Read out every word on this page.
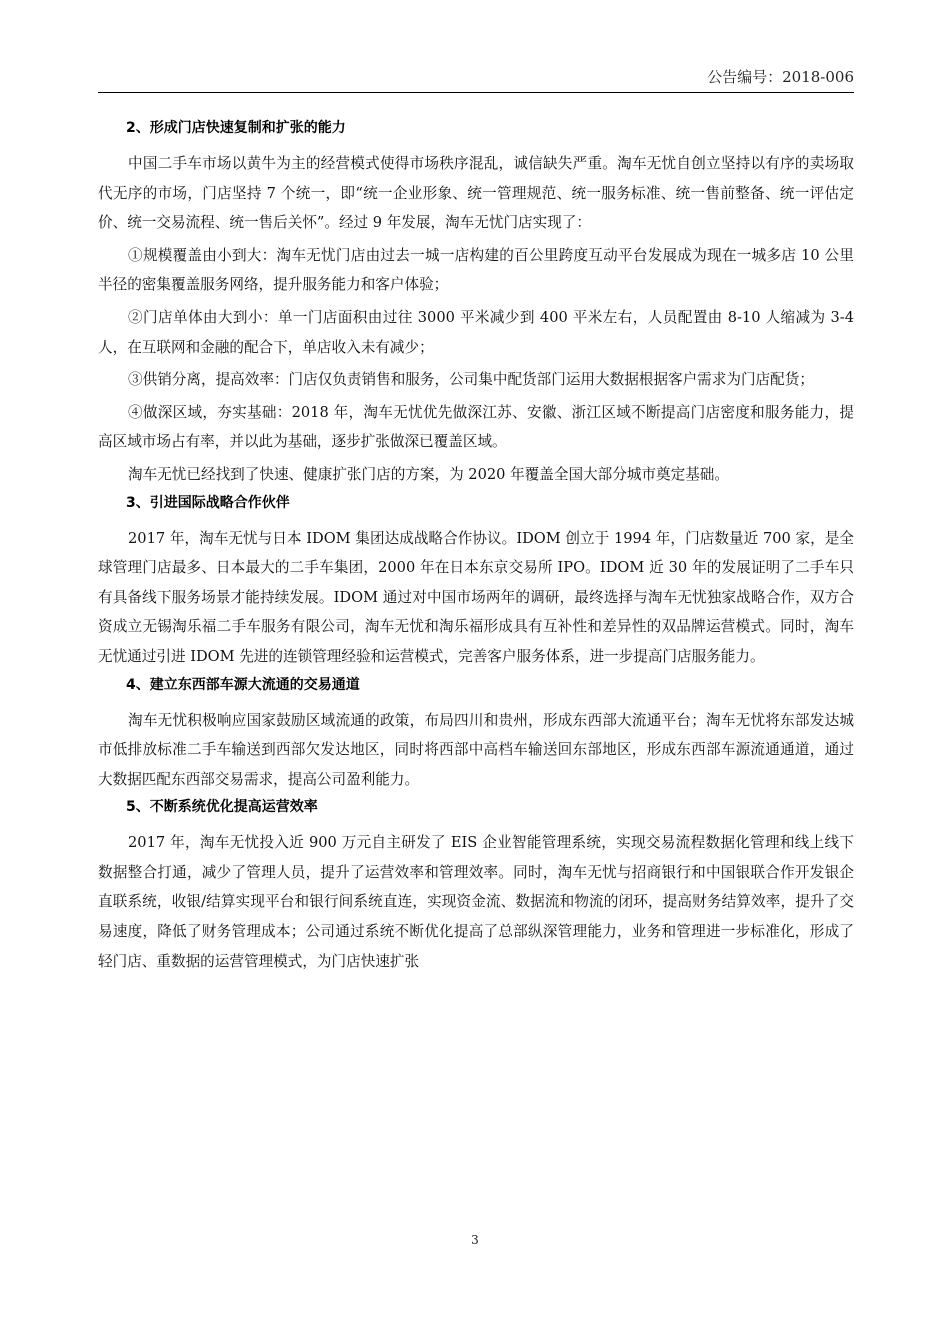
公告编号：2018-006
2、形成门店快速复制和扩张的能力

中国二手车市场以黄牛为主的经营模式使得市场秩序混乱，诚信缺失严重。淘车无忧自创立坚持以有序的卖场取代无序的市场，门店坚持 7 个统一，即“统一企业形象、统一管理规范、统一服务标准、统一售前整备、统一评估定价、统一交易流程、统一售后关怀”。经过 9 年发展，淘车无忧门店实现了：

①规模覆盖由小到大：淘车无忧门店由过去一城一店构建的百公里跨度互动平台发展成为现在一城多店 10 公里半径的密集覆盖服务网络，提升服务能力和客户体验；

②门店单体由大到小：单一门店面积由过往 3000 平米减少到 400 平米左右，人员配置由 8-10 人缩减为 3-4 人，在互联网和金融的配合下，单店收入未有减少；

③供销分离，提高效率：门店仅负责销售和服务，公司集中配货部门运用大数据根据客户需求为门店配货；

④做深区域，夯实基础：2018 年，淘车无忧优先做深江苏、安徽、浙江区域不断提高门店密度和服务能力，提高区域市场占有率，并以此为基础，逐步扩张做深已覆盖区域。

淘车无忧已经找到了快速、健康扩张门店的方案，为 2020 年覆盖全国大部分城市奠定基础。

3、引进国际战略合作伙伴

2017 年，淘车无忧与日本 IDOM 集团达成战略合作协议。IDOM 创立于 1994 年，门店数量近 700 家，是全球管理门店最多、日本最大的二手车集团，2000 年在日本东京交易所 IPO。IDOM 近 30 年的发展证明了二手车只有具备线下服务场景才能持续发展。IDOM 通过对中国市场两年的调研，最终选择与淘车无忧独家战略合作，双方合资成立无锡淘乐福二手车服务有限公司，淘车无忧和淘乐福形成具有互补性和差异性的双品牌运营模式。同时，淘车无忧通过引进 IDOM 先进的连锁管理经验和运营模式，完善客户服务体系，进一步提高门店服务能力。

4、建立东西部车源大流通的交易通道

淘车无忧积极响应国家鼓励区域流通的政策，布局四川和贵州，形成东西部大流通平台；淘车无忧将东部发达城市低排放标准二手车输送到西部欠发达地区，同时将西部中高档车输送回东部地区，形成东西部车源流通通道，通过大数据匹配东西部交易需求，提高公司盈利能力。

5、不断系统优化提高运营效率

2017 年，淘车无忧投入近 900 万元自主研发了 EIS 企业智能管理系统，实现交易流程数据化管理和线上线下数据整合打通，减少了管理人员，提升了运营效率和管理效率。同时，淘车无忧与招商银行和中国银联合作开发银企直联系统，收银/结算实现平台和银行间系统直连，实现资金流、数据流和物流的闭环，提高财务结算效率，提升了交易速度，降低了财务管理成本；公司通过系统不断优化提高了总部纵深管理能力，业务和管理进一步标准化，形成了轻门店、重数据的运营管理模式，为门店快速扩张

3
